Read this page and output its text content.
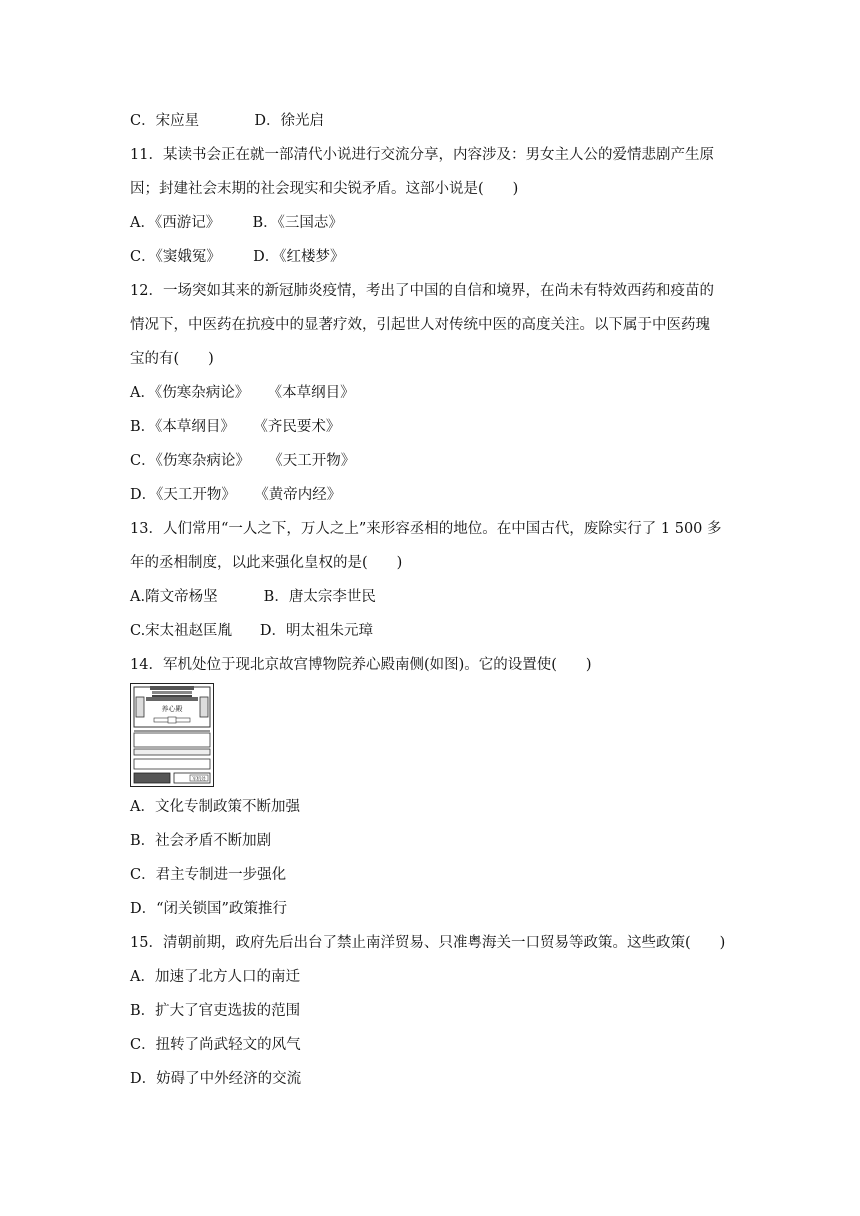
C．宋应星            D．徐光启
11．某读书会正在就一部清代小说进行交流分享，内容涉及：男女主人公的爱情悲剧产生原
因；封建社会末期的社会现实和尖锐矛盾。这部小说是(　　)
A．《西游记》       B．《三国志》
C．《窦娥冤》       D．《红楼梦》
12．一场突如其来的新冠肺炎疫情，考出了中国的自信和境界，在尚未有特效西药和疫苗的
情况下，中医药在抗疫中的显著疗效，引起世人对传统中医的高度关注。以下属于中医药瑰
宝的有(　　)
A．《伤寒杂病论》    《本草纲目》
B．《本草纲目》    《齐民要术》
C．《伤寒杂病论》    《天工开物》
D．《天工开物》    《黄帝内经》
13．人们常用“一人之下，万人之上”来形容丞相的地位。在中国古代，废除实行了 1 500 多
年的丞相制度，以此来强化皇权的是(　　)
A.隋文帝杨坚          B．唐太宗李世民
C.宋太祖赵匡胤      D．明太祖朱元璋
14．军机处位于现北京故宫博物院养心殿南侧(如图)。它的设置使(　　)
养心殿
军机处
A．文化专制政策不断加强
B．社会矛盾不断加剧
C．君主专制进一步强化
D．“闭关锁国”政策推行
15．清朝前期，政府先后出台了禁止南洋贸易、只准粤海关一口贸易等政策。这些政策(　　)
A．加速了北方人口的南迁
B．扩大了官吏选拔的范围
C．扭转了尚武轻文的风气
D．妨碍了中外经济的交流
